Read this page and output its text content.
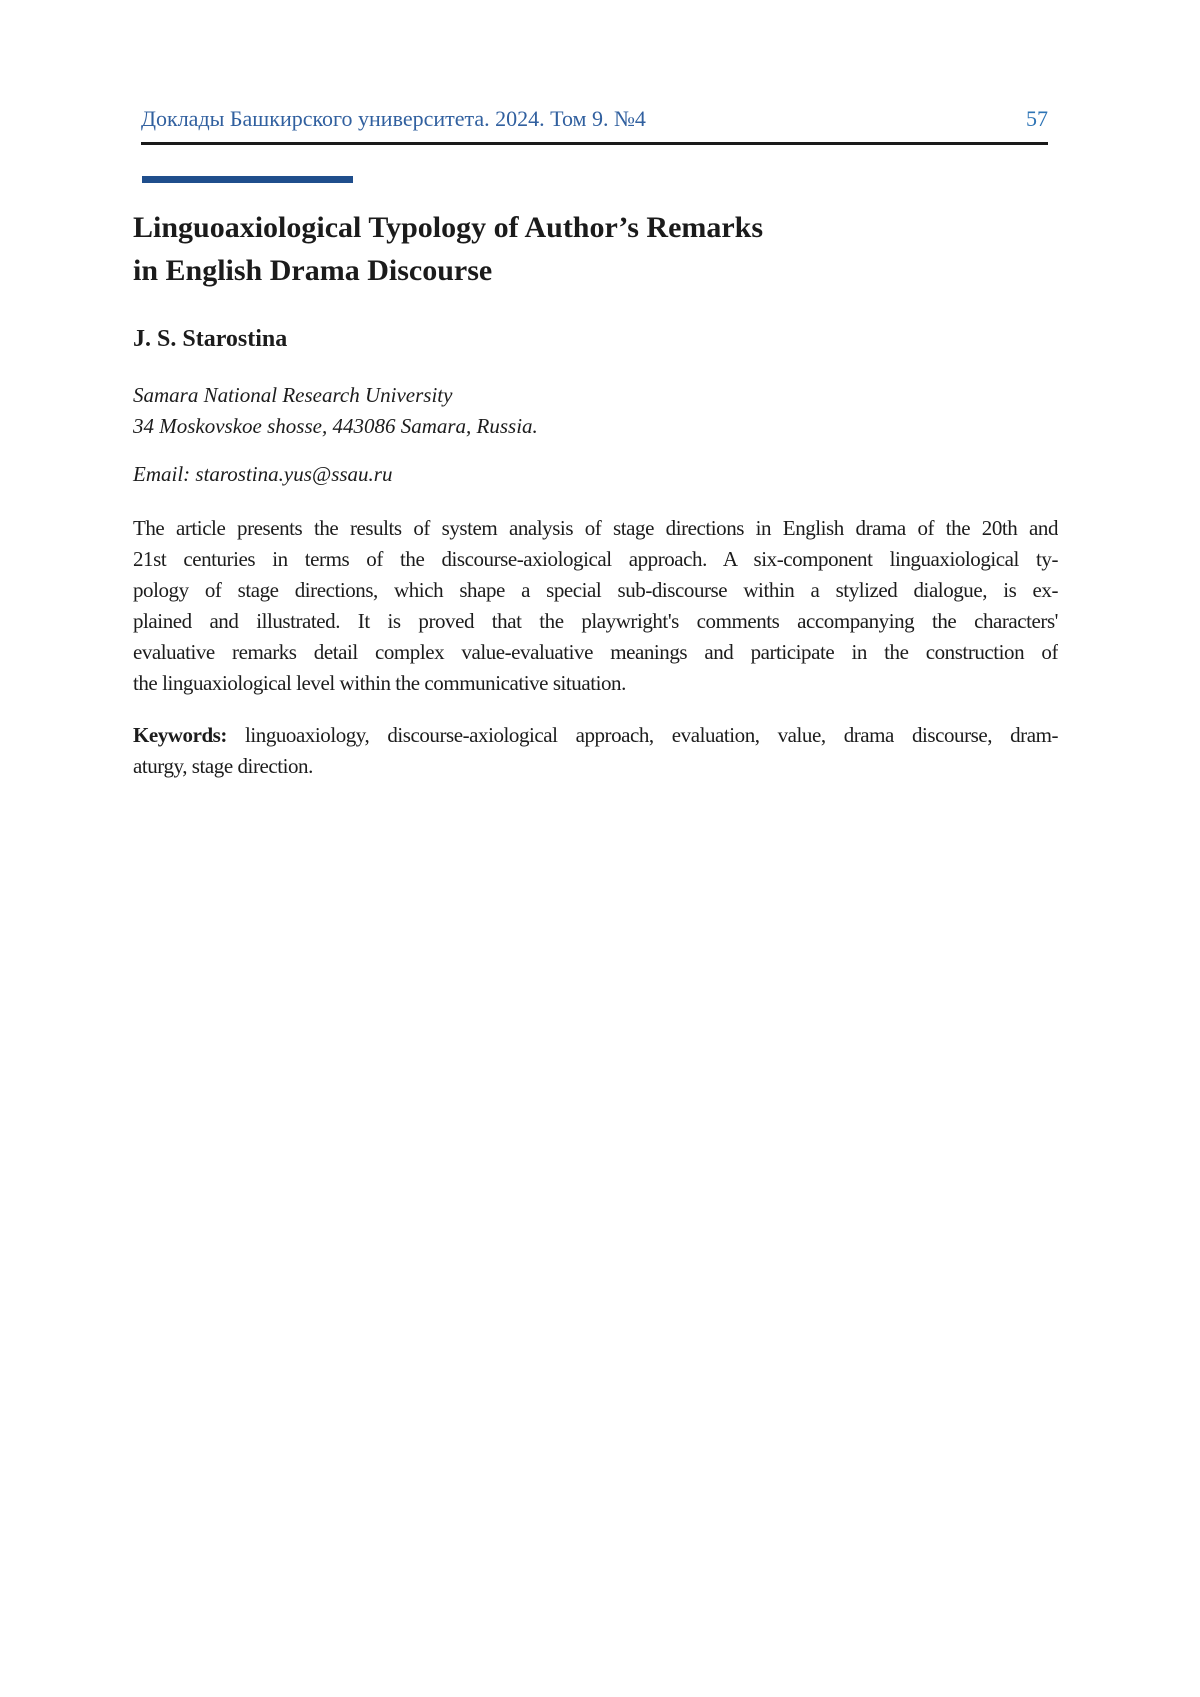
Доклады Башкирского университета. 2024. Том 9. №4	57
Linguoaxiological Typology of Author’s Remarks
in English Drama Discourse
J. S. Starostina
Samara National Research University
34 Moskovskoe shosse, 443086 Samara, Russia.
Email: starostina.yus@ssau.ru
The article presents the results of system analysis of stage directions in English drama of the 20th and
21st centuries in terms of the discourse-axiological approach. A six-component linguaxiological ty-
pology of stage directions, which shape a special sub-discourse within a stylized dialogue, is ex-
plained and illustrated. It is proved that the playwright's comments accompanying the characters'
evaluative remarks detail complex value-evaluative meanings and participate in the construction of
the linguaxiological level within the communicative situation.
Keywords: linguoaxiology, discourse-axiological approach, evaluation, value, drama discourse, dram-
aturgy, stage direction.
